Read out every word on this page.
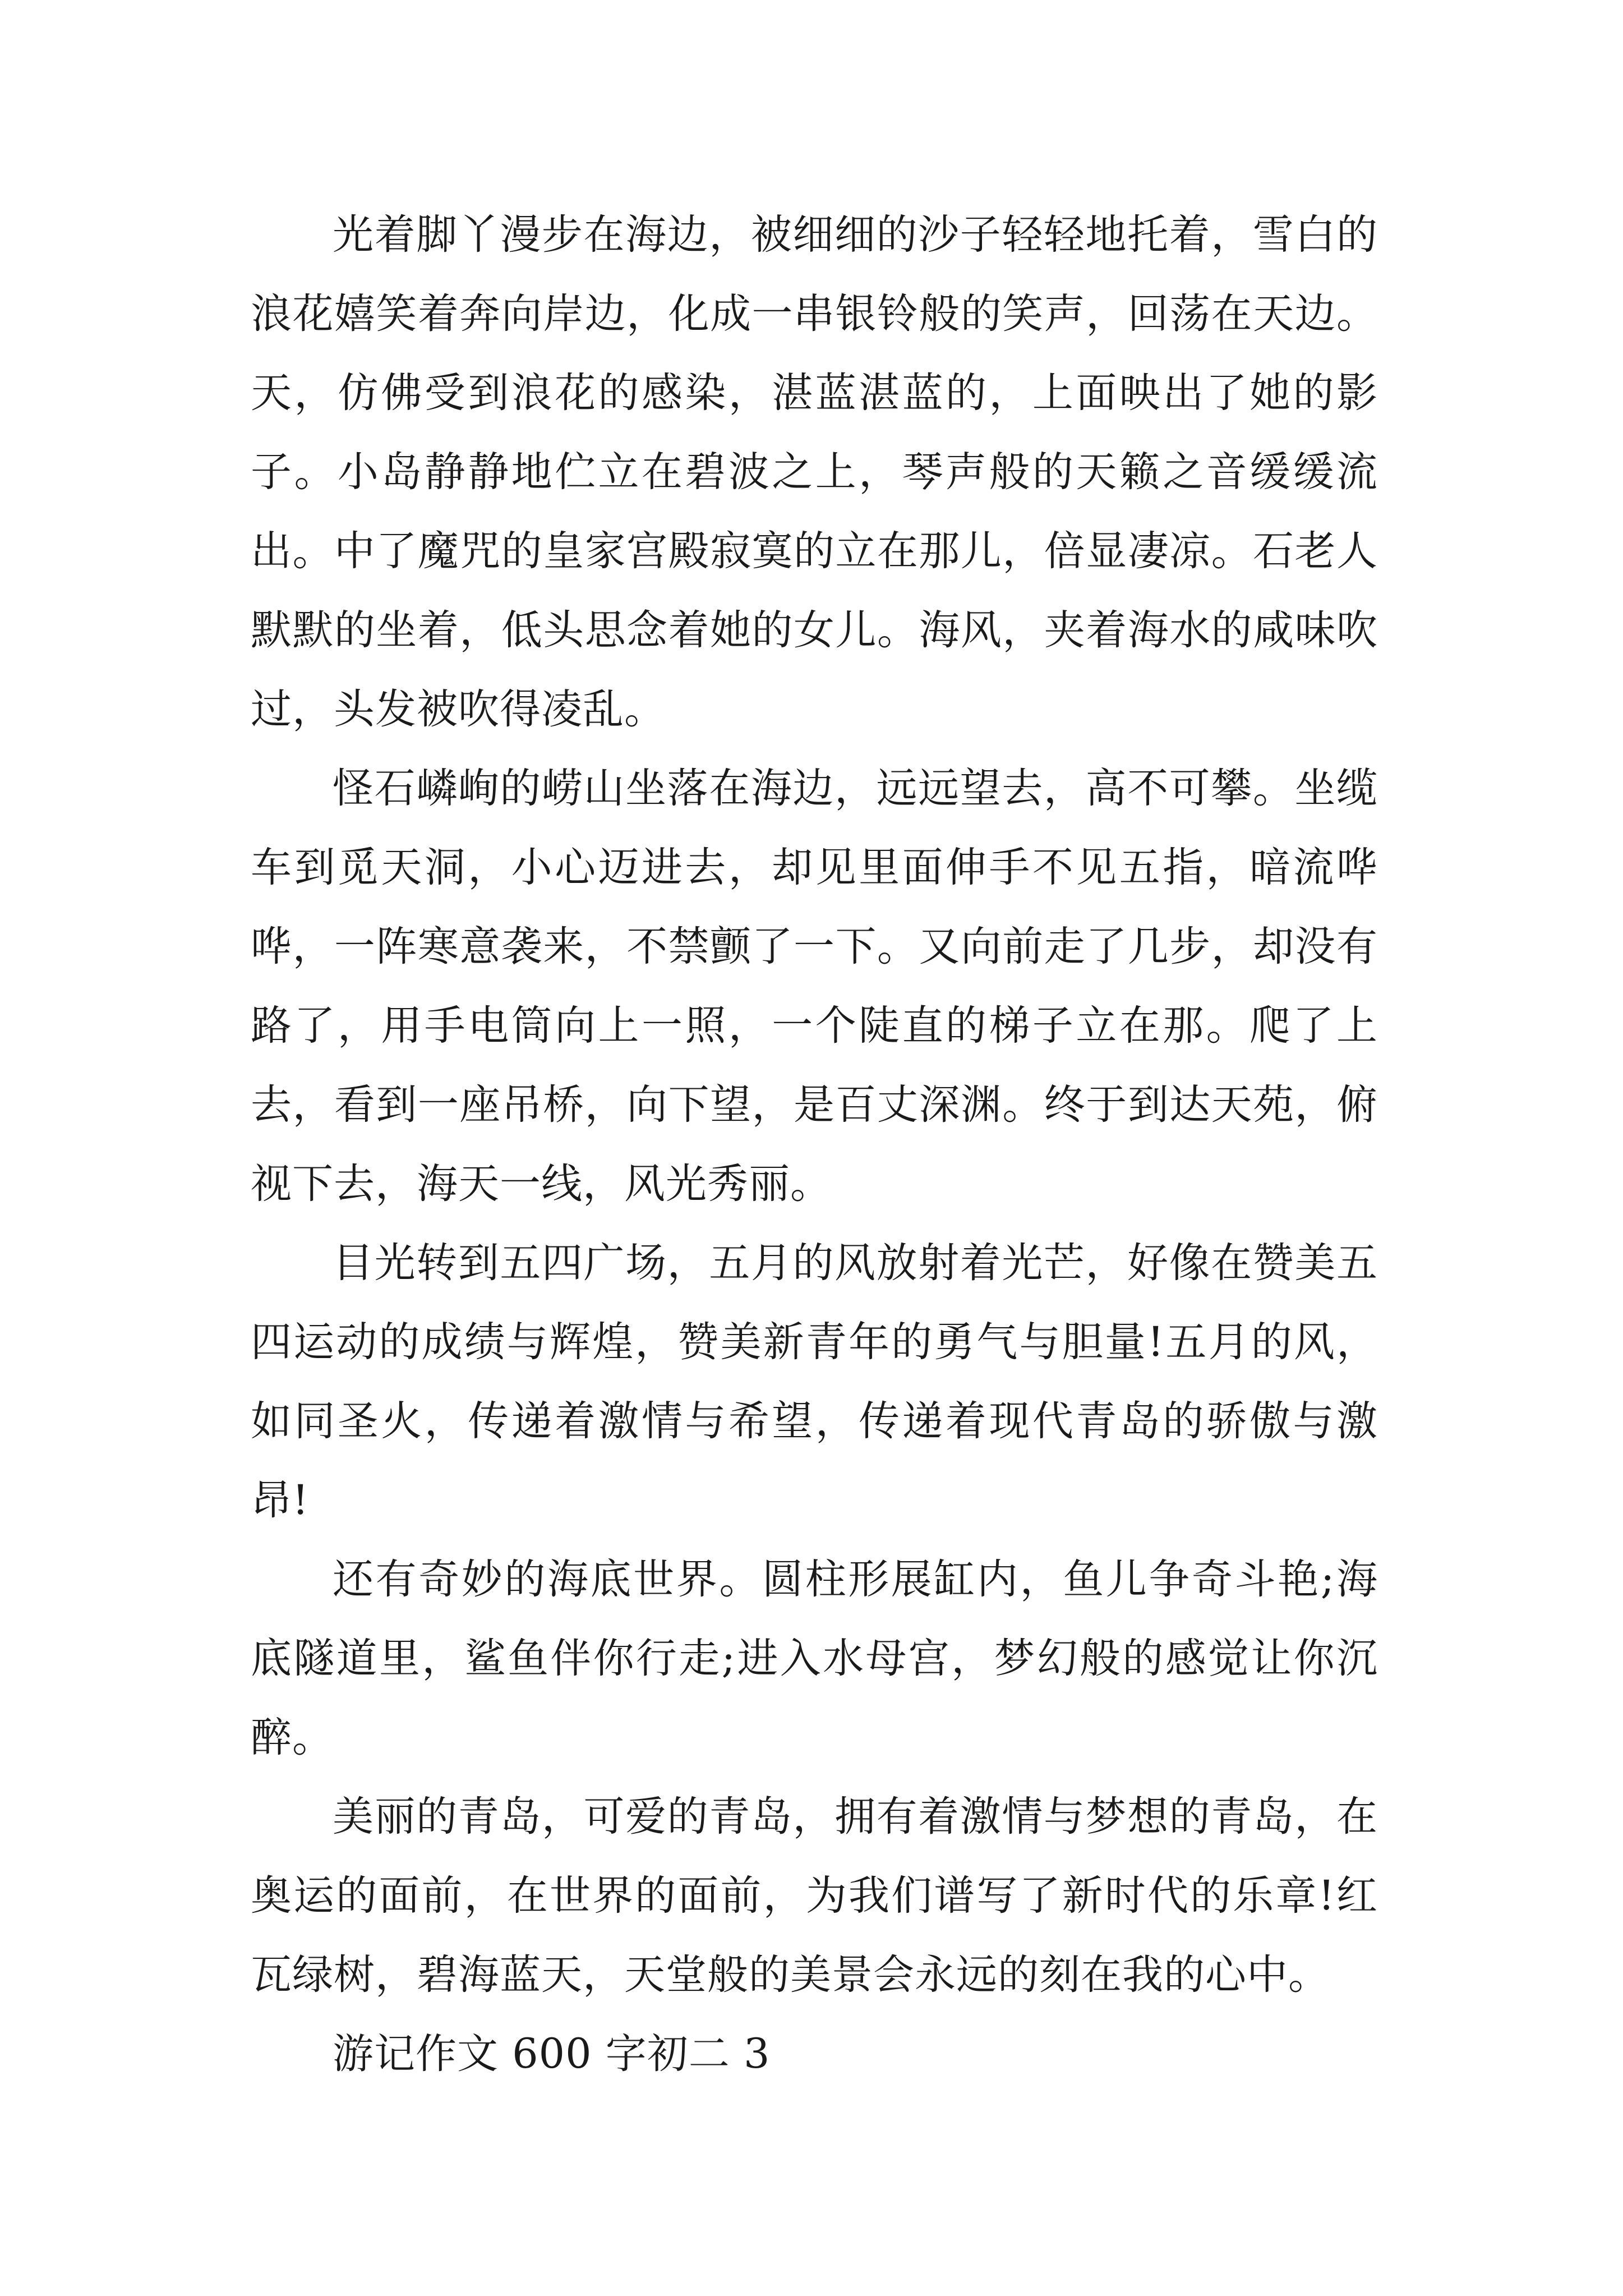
光着脚丫漫步在海边，被细细的沙子轻轻地托着，雪白的浪花嬉笑着奔向岸边，化成一串银铃般的笑声，回荡在天边。天，仿佛受到浪花的感染，湛蓝湛蓝的，上面映出了她的影子。小岛静静地伫立在碧波之上，琴声般的天籁之音缓缓流出。中了魔咒的皇家宫殿寂寞的立在那儿，倍显凄凉。石老人默默的坐着，低头思念着她的女儿。海风，夹着海水的咸味吹过，头发被吹得凌乱。

怪石嶙峋的崂山坐落在海边，远远望去，高不可攀。坐缆车到觅天洞，小心迈进去，却见里面伸手不见五指，暗流哗哗，一阵寒意袭来，不禁颤了一下。又向前走了几步，却没有路了，用手电筒向上一照，一个陡直的梯子立在那。爬了上去，看到一座吊桥，向下望，是百丈深渊。终于到达天苑，俯视下去，海天一线，风光秀丽。

目光转到五四广场，五月的风放射着光芒，好像在赞美五四运动的成绩与辉煌，赞美新青年的勇气与胆量!五月的风，如同圣火，传递着激情与希望，传递着现代青岛的骄傲与激昂!

还有奇妙的海底世界。圆柱形展缸内，鱼儿争奇斗艳;海底隧道里，鲨鱼伴你行走;进入水母宫，梦幻般的感觉让你沉醉。

美丽的青岛，可爱的青岛，拥有着激情与梦想的青岛，在奥运的面前，在世界的面前，为我们谱写了新时代的乐章!红瓦绿树，碧海蓝天，天堂般的美景会永远的刻在我的心中。

游记作文 600 字初二 3
